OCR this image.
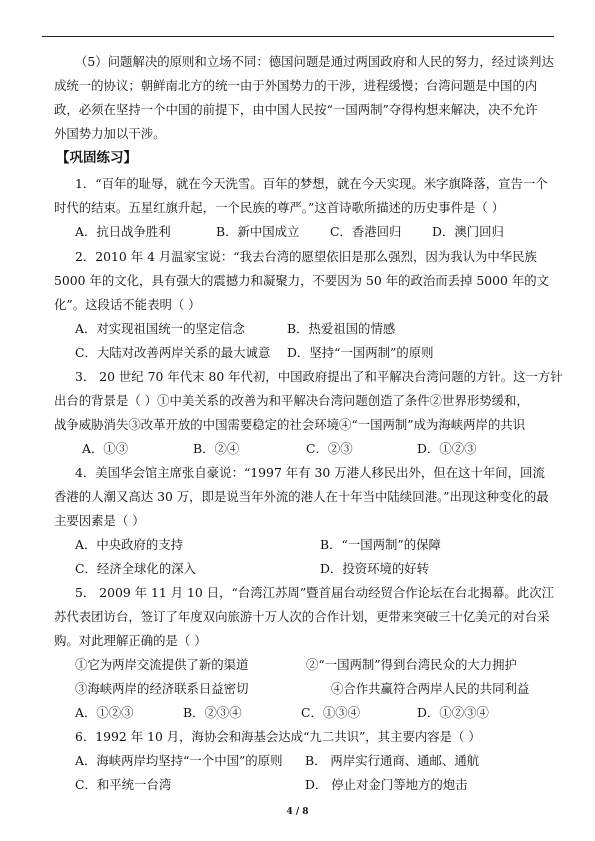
（5）问题解决的原则和立场不同：德国问题是通过两国政府和人民的努力，经过谈判达
成统一的协议；朝鲜南北方的统一由于外国势力的干涉，进程缓慢；台湾问题是中国的内
政，必须在坚持一个中国的前提下，由中国人民按“一国两制”夺得构想来解决，决不允许
外国势力加以干涉。
【巩固练习】
1．“百年的耻辱，就在今天洗雪。百年的梦想，就在今天实现。米字旗降落，宣告一个
时代的结束。五星红旗升起，一个民族的尊严。”这首诗歌所描述的历史事件是（ ）
A．抗日战争胜利	B．新中国成立 C．香港回归 D．澳门回归
2．2010 年 4 月温家宝说：“我去台湾的愿望依旧是那么强烈，因为我认为中华民族
5000 年的文化，具有强大的震撼力和凝聚力，不要因为 50 年的政治而丢掉 5000 年的文
化”。这段话不能表明（ ）
A．对实现祖国统一的坚定信念	B．热爱祖国的情感
C．大陆对改善两岸关系的最大诚意 D．坚持“一国两制”的原则
3． 20 世纪 70 年代末 80 年代初，中国政府提出了和平解决台湾问题的方针。这一方针
出台的背景是（ ）①中美关系的改善为和平解决台湾问题创造了条件②世界形势缓和，
战争威胁消失③改革开放的中国需要稳定的社会环境④“一国两制”成为海峡两岸的共识
A．①③	B．②④	C．②③	D．①②③
4．美国华会馆主席张自豪说：“1997 年有 30 万港人移民出外，但在这十年间，回流
香港的人潮又高达 30 万，即是说当年外流的港人在十年当中陆续回港。”出现这种变化的最
主要因素是（ ）
A．中央政府的支持	B．“一国两制”的保障
C．经济全球化的深入	D．投资环境的好转
5． 2009 年 11 月 10 日，“台湾江苏周”暨首届台动经贸合作论坛在台北揭幕。此次江
苏代表团访台，签订了年度双向旅游十万人次的合作计划，更带来突破三十亿美元的对台采
购。对此理解正确的是（ ）
①它为两岸交流提供了新的渠道	②“一国两制”得到台湾民众的大力拥护
③海峡两岸的经济联系日益密切	④合作共赢符合两岸人民的共同利益
A．①②③	B．②③④	C．①③④	D．①②③④
6．1992 年 10 月，海协会和海基会达成“九二共识”，其主要内容是（ ）
A．海峡两岸均坚持“一个中国”的原则 B． 两岸实行通商、通邮、通航
C．和平统一台湾	D． 停止对金门等地方的炮击
4 / 8
